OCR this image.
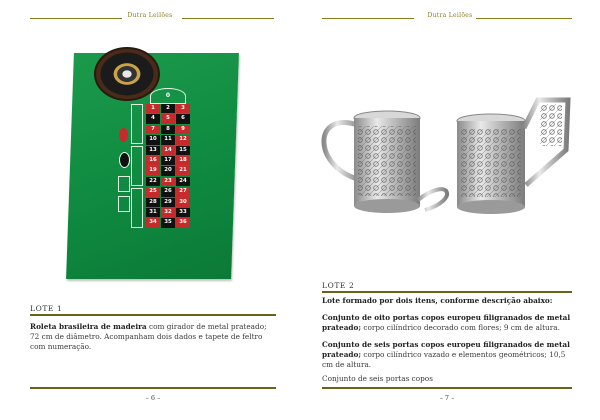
Dutra Leilões
0
1	2	3
4	5	6
7	8	9
10	11	12
13	14	15
16	17	18
19	20	21
22	23	24
25	26	27
28	29	30
31	32	33
34	35	36
LOTE 1
Roleta brasileira de madeira com girador de metal prateado; 72 cm de diâmetro. Acompanham dois dados e tapete de feltro com numeração.
– 6 –
Dutra Leilões
LOTE 2
Lote formado por dois itens, conforme descrição abaixo:
Conjunto de oito portas copos europeu filigranados de metal prateado; corpo cilíndrico decorado com flores; 9 cm de altura.
Conjunto de seis portas copos europeu filigranados de metal prateado; corpo cilíndrico vazado e elementos geométricos; 10,5 cm de altura.
Conjunto de seis portas copos
– 7 –
